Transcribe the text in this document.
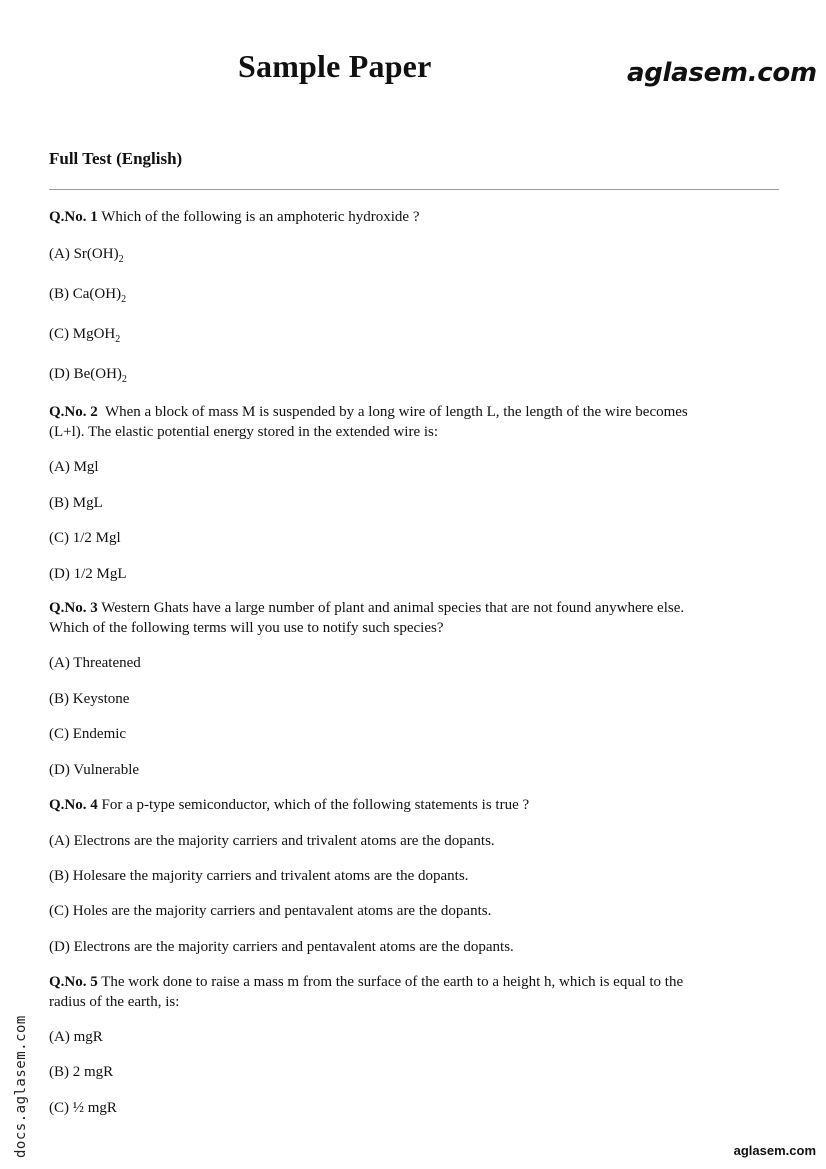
Sample Paper	aglasem.com
Full Test (English)
Q.No. 1 Which of the following is an amphoteric hydroxide ?
(A) $Sr(OH)_2$
(B) $Ca(OH)_2$
(C) MgOH$_2$
(D) $Be(OH)_2$
Q.No. 2 When a block of mass M is suspended by a long wire of length L, the length of the wire becomes
(L+l). The elastic potential energy stored in the extended wire is:
(A) Mgl
(B) MgL
(C) 1/2 Mgl
(D) 1/2 MgL
Q.No. 3 Western Ghats have a large number of plant and animal species that are not found anywhere else.
Which of the following terms will you use to notify such species?
(A) Threatened
(B) Keystone
(C) Endemic
(D) Vulnerable
Q.No. 4 For a p-type semiconductor, which of the following statements is true ?
(A) Electrons are the majority carriers and trivalent atoms are the dopants.
(B) Holesare the majority carriers and trivalent atoms are the dopants.
(C) Holes are the majority carriers and pentavalent atoms are the dopants.
(D) Electrons are the majority carriers and pentavalent atoms are the dopants.
Q.No. 5 The work done to raise a mass m from the surface of the earth to a height h, which is equal to the
radius of the earth, is:
(A) mgR
(B) 2 mgR
(C) ½ mgR
docs.aglasem.com	aglasem.com
